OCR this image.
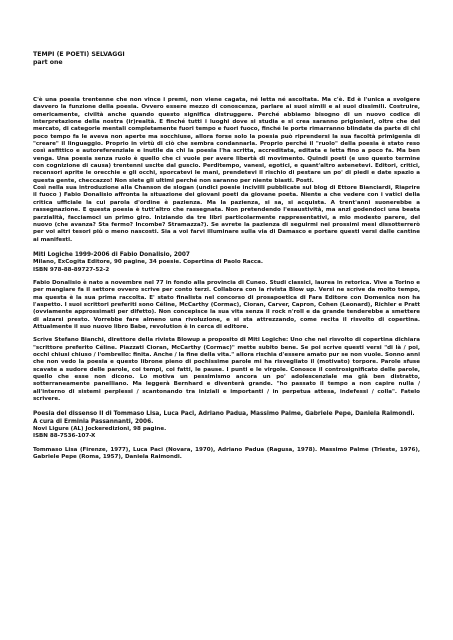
TEMPI (E POETI) SELVAGGI
part one

C'è una poesia trentenne che non vince i premi, non viene cagata, né letta né ascoltata. Ma c'è. Ed è l'unica a svolgere davvero la funzione della poesia. Ovvero essere mezzo di conoscenza, parlare ai suoi simili e ai suoi dissimili. Costruire, omericamente, civiltà anche quando questo significa distruggere. Perché abbiamo bisogno di un nuovo codice di interpretazione della nostra (ir)realtà. E finché tutti i luoghi dove si studia e si crea saranno prigionieri, oltre che del mercato, di categorie mentali completamente fuori tempo e fuori fuoco, finché le porte rimarranno blindate da parte di chi poco tempo fa le aveva non aperte ma socchiuse, allora forse solo la poesia può riprendersi la sua facoltà primigenia di "creare" il linguaggio. Proprio in virtù di ciò che sembra condannarla. Proprio perché il "ruolo" della poesia è stato reso così asfittico e autoreferenziale e inutile da chi la poesia l'ha scritta, accreditata, editata e letta fino a poco fa. Ma ben venga. Una poesia senza ruolo è quello che ci vuole per avere libertà di movimento. Quindi poeti (e uso questo termine con cognizione di causa) trentenni uscite dal guscio. Perditempo, vanesi, egotici, e quant'altro astenetevi. Editori, critici, recensori aprite le orecchie e gli occhi, sporcatevi le mani, prendetevi il rischio di pestare un po' di piedi e date spazio a questa gente, checcazzo! Non siete gli ultimi perché non saranno per niente biasti. Posti.

Così nella sua introduzione alla Chanson de slogan (undici poesie inciviili pubblicate sul blog di Ettore Bianciardi, Riaprire il fuoco ) Fabio Donalisio affronta la situazione dei giovani poeti da giovane poeta. Niente a che vedere con i vatici della critica ufficiale la cui parola d'ordine è pazienza. Ma la pazienza, si sa, si acquista. A trent'anni suonerebbe a rassegnazione. E questa poesia è tutt'altro che rassegnata. Non pretendendo l'esaustività, ma anzi godendoci una beata parzialità, facciamoci un primo giro. Iniziando da tre libri particolarmente rappresentativi, a mio modesto parere, del nuovo (che avanza? Sta fermo? Incombe? Stramazza?). Se avrete la pazienza di seguirmi nei prossimi mesi dissotterrerò per voi altri tesori più o meno nascosti. Sia a voi farvi illuminare sulla via di Damasco e portare questi versi dalle cantine ai manifesti.

Miti Logiche 1999-2006 di Fabio Donalisio, 2007
Milano, ExCogita Editore, 90 pagine, 34 poesie. Copertina di Paolo Racca.
ISBN 978-88-89727-52-2

Fabio Donalisio è nato a novembre nel 77 in fondo alla provincia di Cuneo. Studi classici, laurea in retorica. Vive a Torino e per mangiare fa il settore ovvero scrive per conto terzi. Collabora con la rivista Blow up. Versi ne scrive da molto tempo, ma questa è la sua prima raccolta. E' stato finalista nel concorso di prosapoetica di Fara Editore con Domenica non ha l'aspetto. I suoi scrittori preferiti sono Céline, McCarthy (Cormac), Cioran, Carver, Capron, Cohen (Leonard), Richler e Pratt (ovviamente approssimati per difetto). Non concepisce la sua vita senza il rock n'roll e da grande tenderebbe a smettere di alzarsi presto. Vorrebbe fare almeno una rivoluzione, e si sta attrezzando, come recita il risvolto di copertina. Attualmente il suo nuovo libro Babe, revolution è in cerca di editore.

Scrive Stefano Bianchi, direttore della rivista Blowup a proposito di Miti Logiche: Uno che nel risvolto di copertina dichiara "scrittore preferito Céline. Piazzati Cioran, McCarthy (Cormac)" mette subito bene. Se poi scrive questi versi "di là / poi, occhi chiusi chiuso / l'ombrello: finita. Anche / la fine della vita." allora rischia d'essere amato pur se non vuole. Sonno anni che non vedo la poesia e questo librone pieno di pochissime parole mi ha risvegliato il (motivato) torpore. Parole sfuse scavate a sudore delle parole, coi tempi, coi fatti, le pause. I punti e le virgole. Conosce il controsignificato delle parole, quello che esse non dicono. Lo motiva un pessimismo ancora un po' adolescenziale ma già ben distratto, sotterraneamente panelliano. Ma leggerà Bernhard e diventerà grande. "ho passato il tempo a non capire nulla / all'interno di sistemi perplessi / scantonando tra iniziali e importanti / in perpetua attesa, indefessi / colla". Fatelo scrivere.

Poesia del dissenso II di Tommaso Lisa, Luca Paci, Adriano Padua, Massimo Palme, Gabriele Pepe, Daniela Raimondi. A cura di Erminia Passannanti, 2006.
Novi Ligure (AL) Jockeredizioni, 98 pagine.
ISBN 88-7536-107-X

Tommaso Lisa (Firenze, 1977), Luca Paci (Novara, 1970), Adriano Padua (Ragusa, 1978). Massimo Palme (Trieste, 1976), Gabriele Pepe (Roma, 1957), Daniela Raimondi.
